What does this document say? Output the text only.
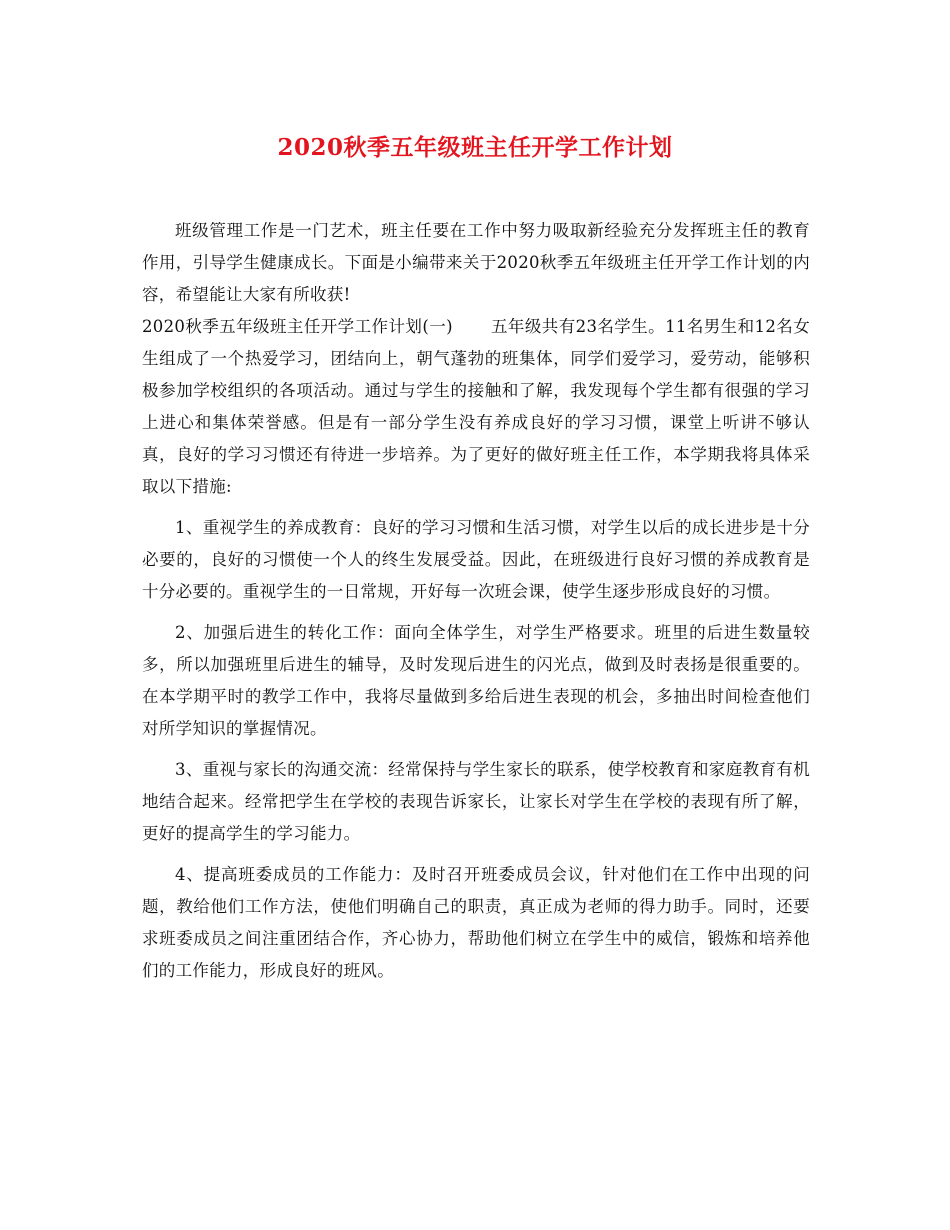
2020秋季五年级班主任开学工作计划

班级管理工作是一门艺术，班主任要在工作中努力吸取新经验充分发挥班主任的教育作用，引导学生健康成长。下面是小编带来关于2020秋季五年级班主任开学工作计划的内容，希望能让大家有所收获!

2020秋季五年级班主任开学工作计划(一) 五年级共有23名学生。11名男生和12名女生组成了一个热爱学习，团结向上，朝气蓬勃的班集体，同学们爱学习，爱劳动，能够积极参加学校组织的各项活动。通过与学生的接触和了解，我发现每个学生都有很强的学习上进心和集体荣誉感。但是有一部分学生没有养成良好的学习习惯，课堂上听讲不够认真，良好的学习习惯还有待进一步培养。为了更好的做好班主任工作，本学期我将具体采取以下措施:

1、重视学生的养成教育：良好的学习习惯和生活习惯，对学生以后的成长进步是十分必要的，良好的习惯使一个人的终生发展受益。因此，在班级进行良好习惯的养成教育是十分必要的。重视学生的一日常规，开好每一次班会课，使学生逐步形成良好的习惯。

2、加强后进生的转化工作：面向全体学生，对学生严格要求。班里的后进生数量较多，所以加强班里后进生的辅导，及时发现后进生的闪光点，做到及时表扬是很重要的。在本学期平时的教学工作中，我将尽量做到多给后进生表现的机会，多抽出时间检查他们对所学知识的掌握情况。

3、重视与家长的沟通交流：经常保持与学生家长的联系，使学校教育和家庭教育有机地结合起来。经常把学生在学校的表现告诉家长，让家长对学生在学校的表现有所了解，更好的提高学生的学习能力。

4、提高班委成员的工作能力：及时召开班委成员会议，针对他们在工作中出现的问题，教给他们工作方法，使他们明确自己的职责，真正成为老师的得力助手。同时，还要求班委成员之间注重团结合作，齐心协力，帮助他们树立在学生中的威信，锻炼和培养他们的工作能力，形成良好的班风。
